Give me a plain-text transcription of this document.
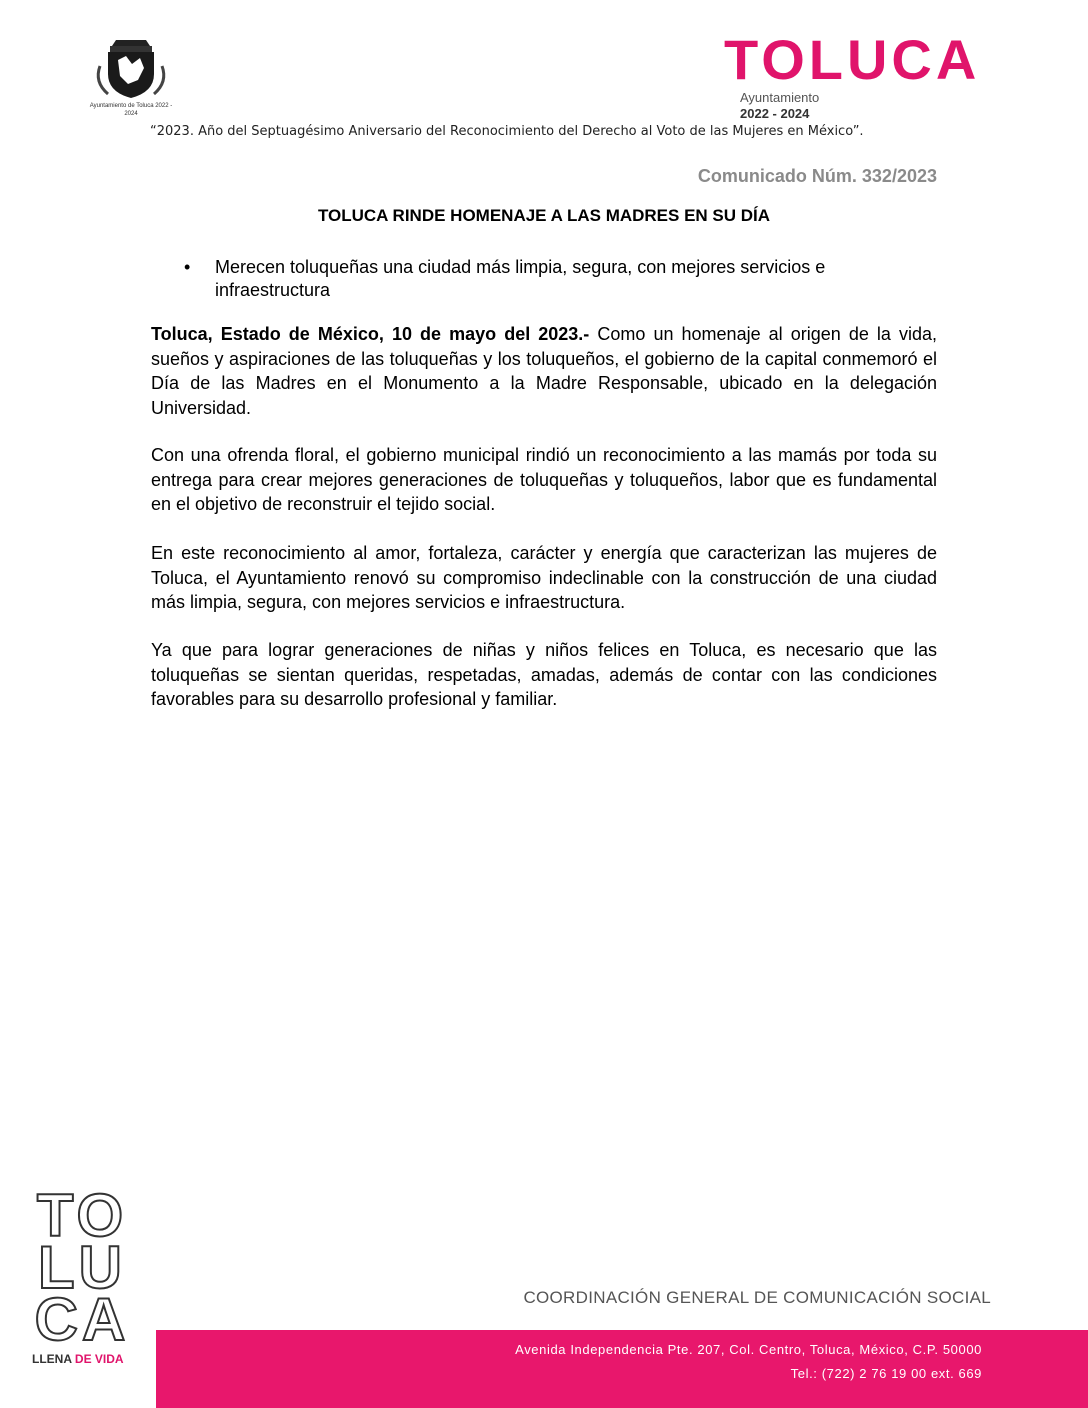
Ayuntamiento de Toluca 2022 - 2024
TOLUCA
Ayuntamiento
2022 - 2024
“2023. Año del Septuagésimo Aniversario del Reconocimiento del Derecho al Voto de las Mujeres en México”.
Comunicado Núm. 332/2023
TOLUCA RINDE HOMENAJE A LAS MADRES EN SU DÍA
• Merecen toluqueñas una ciudad más limpia, segura, con mejores servicios e infraestructura
Toluca, Estado de México, 10 de mayo del 2023.- Como un homenaje al origen de la vida, sueños y aspiraciones de las toluqueñas y los toluqueños, el gobierno de la capital conmemoró el Día de las Madres en el Monumento a la Madre Responsable, ubicado en la delegación Universidad.
Con una ofrenda floral, el gobierno municipal rindió un reconocimiento a las mamás por toda su entrega para crear mejores generaciones de toluqueñas y toluqueños, labor que es fundamental en el objetivo de reconstruir el tejido social.
En este reconocimiento al amor, fortaleza, carácter y energía que caracterizan las mujeres de Toluca, el Ayuntamiento renovó su compromiso indeclinable con la construcción de una ciudad más limpia, segura, con mejores servicios e infraestructura.
Ya que para lograr generaciones de niñas y niños felices en Toluca, es necesario que las toluqueñas se sientan queridas, respetadas, amadas, además de contar con las condiciones favorables para su desarrollo profesional y familiar.
TO
LU
CA
LLENA DE VIDA
COORDINACIÓN GENERAL DE COMUNICACIÓN SOCIAL
Avenida Independencia Pte. 207, Col. Centro, Toluca, México, C.P. 50000
Tel.: (722) 2 76 19 00 ext. 669
